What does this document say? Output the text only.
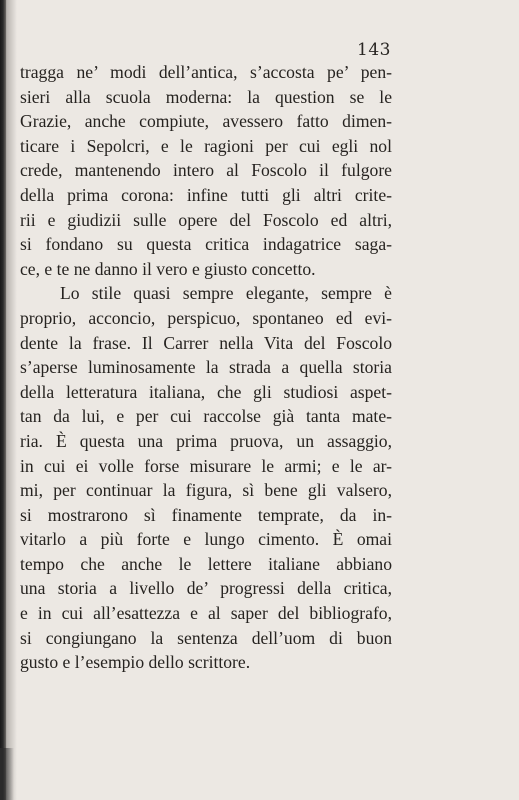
143
tragga ne’ modi dell’antica, s’accosta pe’ pen-
sieri alla scuola moderna: la question se le
Grazie, anche compiute, avessero fatto dimen-
ticare i Sepolcri, e le ragioni per cui egli nol
crede, mantenendo intero al Foscolo il fulgore
della prima corona: infine tutti gli altri crite-
rii e giudizii sulle opere del Foscolo ed altri,
si fondano su questa critica indagatrice saga-
ce, e te ne danno il vero e giusto concetto.
Lo stile quasi sempre elegante, sempre è
proprio, acconcio, perspicuo, spontaneo ed evi-
dente la frase. Il Carrer nella Vita del Foscolo
s’aperse luminosamente la strada a quella storia
della letteratura italiana, che gli studiosi aspet-
tan da lui, e per cui raccolse già tanta mate-
ria. È questa una prima pruova, un assaggio,
in cui ei volle forse misurare le armi; e le ar-
mi, per continuar la figura, sì bene gli valsero,
si mostrarono sì finamente temprate, da in-
vitarlo a più forte e lungo cimento. È omai
tempo che anche le lettere italiane abbiano
una storia a livello de’ progressi della critica,
e in cui all’esattezza e al saper del bibliografo,
si congiungano la sentenza dell’uom di buon
gusto e l’esempio dello scrittore.
